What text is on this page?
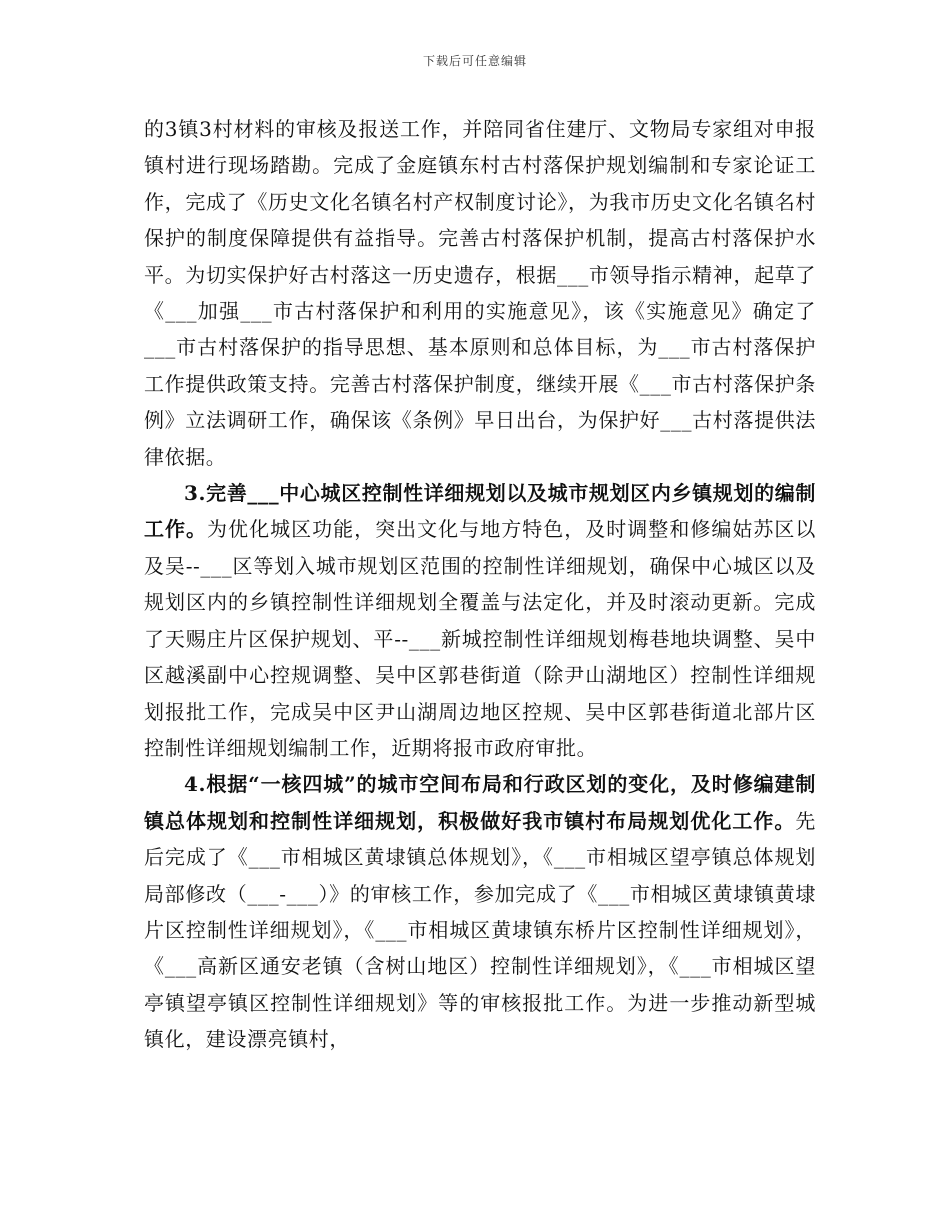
下载后可任意编辑

的3镇3村材料的审核及报送工作，并陪同省住建厅、文物局专家组对申报镇村进行现场踏勘。完成了金庭镇东村古村落保护规划编制和专家论证工作，完成了《历史文化名镇名村产权制度讨论》，为我市历史文化名镇名村保护的制度保障提供有益指导。完善古村落保护机制，提高古村落保护水平。为切实保护好古村落这一历史遗存，根据___市领导指示精神，起草了《___加强___市古村落保护和利用的实施意见》，该《实施意见》确定了___市古村落保护的指导思想、基本原则和总体目标，为___市古村落保护工作提供政策支持。完善古村落保护制度，继续开展《___市古村落保护条例》立法调研工作，确保该《条例》早日出台，为保护好___古村落提供法律依据。

3.完善___中心城区控制性详细规划以及城市规划区内乡镇规划的编制工作。为优化城区功能，突出文化与地方特色，及时调整和修编姑苏区以及吴--___区等划入城市规划区范围的控制性详细规划，确保中心城区以及规划区内的乡镇控制性详细规划全覆盖与法定化，并及时滚动更新。完成了天赐庄片区保护规划、平--___新城控制性详细规划梅巷地块调整、吴中区越溪副中心控规调整、吴中区郭巷街道（除尹山湖地区）控制性详细规划报批工作，完成吴中区尹山湖周边地区控规、吴中区郭巷街道北部片区控制性详细规划编制工作，近期将报市政府审批。

4.根据“一核四城”的城市空间布局和行政区划的变化，及时修编建制镇总体规划和控制性详细规划，积极做好我市镇村布局规划优化工作。先后完成了《___市相城区黄埭镇总体规划》，《___市相城区望亭镇总体规划局部修改（___-___）》的审核工作，参加完成了《___市相城区黄埭镇黄埭片区控制性详细规划》，《___市相城区黄埭镇东桥片区控制性详细规划》，《___高新区通安老镇（含树山地区）控制性详细规划》，《___市相城区望亭镇望亭镇区控制性详细规划》等的审核报批工作。为进一步推动新型城镇化，建设漂亮镇村，
